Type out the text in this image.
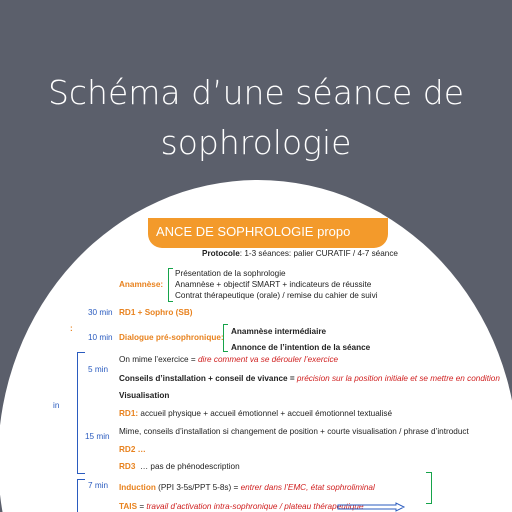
Schéma d’une séance de sophrologie
ANCE DE SOPHROLOGIE propo
Protocole: 1-3 séances: palier CURATIF / 4-7 séance
Anamnèse:
Présentation de la sophrologie
Anamnèse + objectif SMART + indicateurs de réussite
Contrat thérapeutique (orale) / remise du cahier de suivi
30 min RD1 + Sophro (SB)
:
10 min Dialogue pré-sophronique:
Anamnèse intermédiaire
Annonce de l’intention de la séance
5 min
in
On mime l’exercice = dire comment va se dérouler l’exercice
Conseils d’installation + conseil de vivance = précision sur la position initiale et se mettre en condition
Visualisation
RD1: accueil physique + accueil émotionnel + accueil émotionnel textualisé
Mime, conseils d’installation si changement de position + courte visualisation / phrase d’introduct
15 min
RD2 …
RD3 … pas de phénodescription
7 min Induction (PPI 3-5s/PPT 5-8s) = entrer dans l’EMC, état sophroliminal
TAIS = travail d’activation intra-sophronique / plateau thérapeutique
